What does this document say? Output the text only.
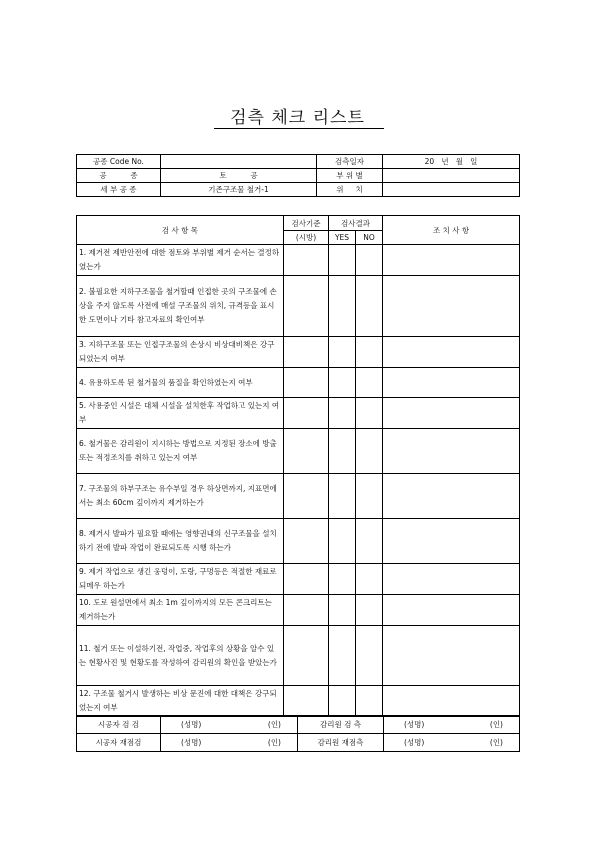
검측 체크 리스트
공종 Code No.		검측일자	20   년   월   일
공          종	토          공	부 위 별	
세 부 공 종	기존구조물 철거-1	위     치	
검 사 항 목	검사기준	검사결과		조 치 사 항
	(시방)	YES	NO	
1. 제거전 제반안전에 대한 점토와 부위별 제거 순서는 결정하였는가				
2. 불필요한 지하구조물을 철거할때 인접한 곳의 구조물에 손상을 주지 않도록 사전에 매설 구조물의 위치, 규격등을 표시한 도면이나 기타 참고자료의 확인여부				
3. 지하구조물 또는 인접구조물의 손상시 비상대비책은 강구되었는지 여부				
4. 유용하도록 된 철거물의 품질을 확인하였는지 여부				
5. 사용중인 시설은 대체 시설을 설치한후 작업하고 있는지 여부				
6. 철거물은 감리원이 지시하는 방법으로 지정된 장소에 방출 또는 적정조치를 취하고 있는지 여부				
7. 구조물의 하부구조는 유수부일 경우 하상면까지, 지표면에서는 최소 60cm 깊이까지 제거하는가				
8. 제거시 발파가 필요할 때에는 영향권내의 신구조물을 설치하기 전에 발파 작업이 완료되도록 시행 하는가				
9. 제거 작업으로 생긴 웅덩이, 도랑, 구멍등은 적절한 재료로 되메우 하는가				
10. 도로 원설면에서 최소 1m 깊이까지의 모든 콘크리트는 제거하는가				
11. 철거 또는 이설하기전, 작업중, 작업후의 상황을 알수 있는 현황사진 및 현황도를 작성하여 감리원의 확인을 받았는가				
12. 구조물 철거시 발생하는 비상 문진에 대한 대책은 강구되었는지 여부				
시공자 검 검	(성명) (인)	감리원 검 측	(성명) (인)

시공자 재점검	(성명) (인)	감리원 재점측	(성명) (인)
